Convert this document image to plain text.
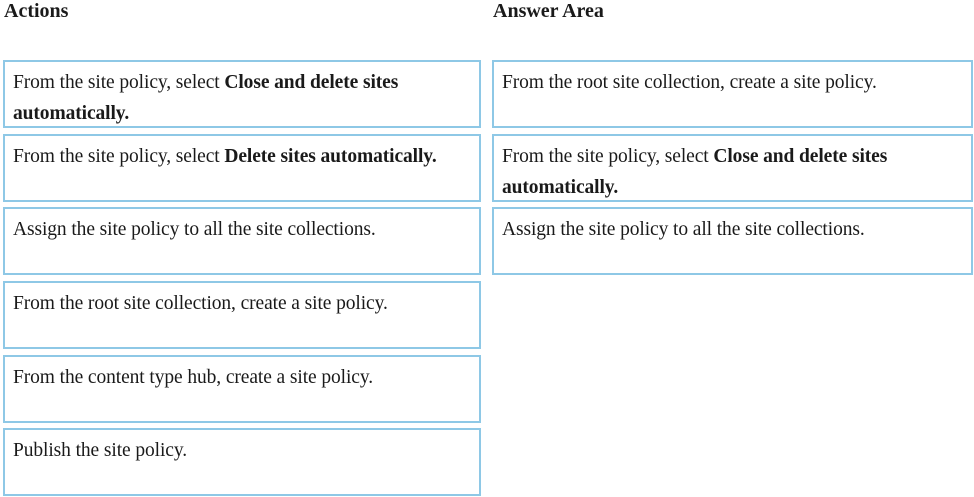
Actions	Answer Area
From the site policy, select Close and delete sites automatically.
From the site policy, select Delete sites automatically.
Assign the site policy to all the site collections.
From the root site collection, create a site policy.
From the content type hub, create a site policy.
Publish the site policy.
From the root site collection, create a site policy.
From the site policy, select Close and delete sites automatically.
Assign the site policy to all the site collections.
